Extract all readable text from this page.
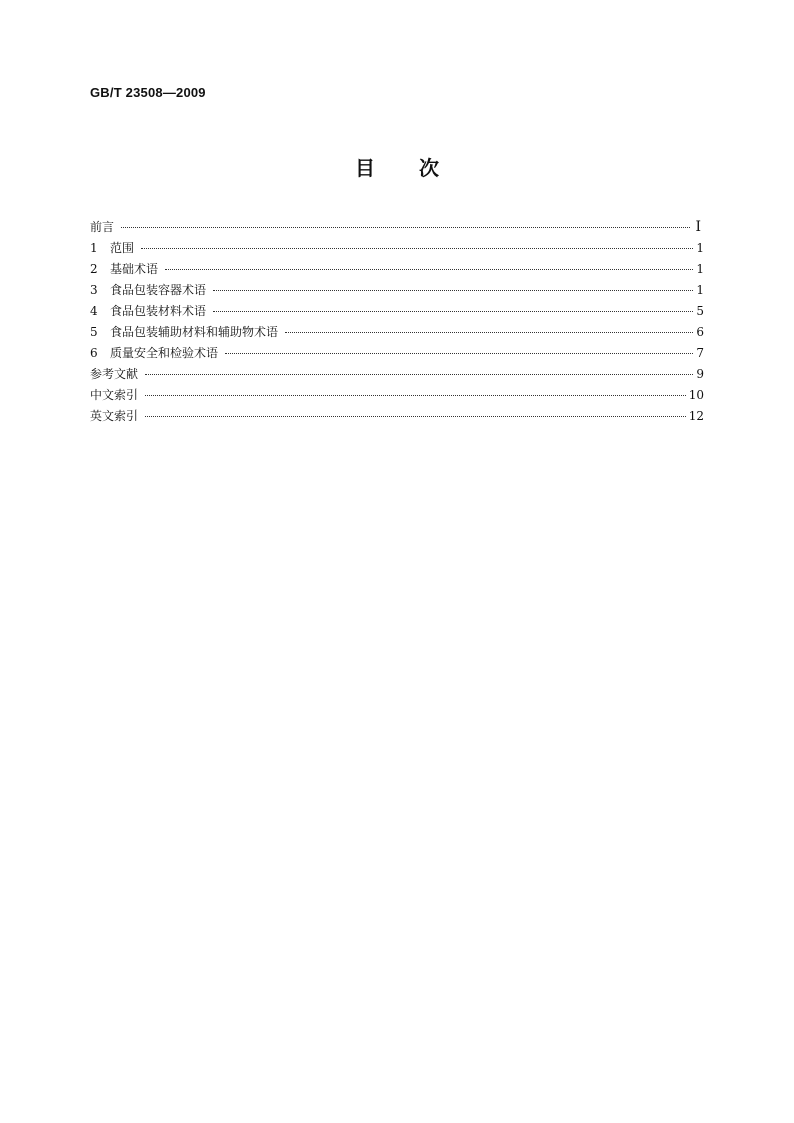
GB/T 23508—2009
目 次
前言	Ⅰ
1	范围	1
2	基础术语	1
3	食品包装容器术语	1
4	食品包装材料术语	5
5	食品包装辅助材料和辅助物术语	6
6	质量安全和检验术语	7
参考文献	9
中文索引	10
英文索引	12
